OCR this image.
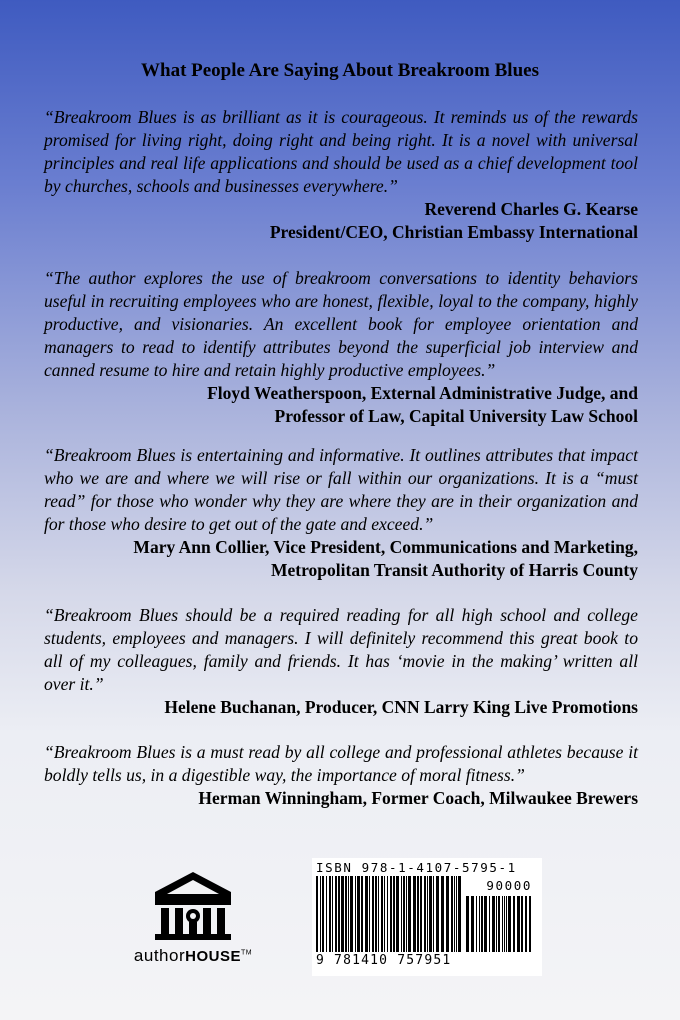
What People Are Saying About Breakroom Blues

“Breakroom Blues is as brilliant as it is courageous. It reminds us of the rewards promised for living right, doing right and being right. It is a novel with universal principles and real life applications and should be used as a chief development tool by churches, schools and businesses everywhere.”

Reverend Charles G. Kearse

President/CEO, Christian Embassy International

“The author explores the use of breakroom conversations to identity behaviors useful in recruiting employees who are honest, flexible, loyal to the company, highly productive, and visionaries. An excellent book for employee orientation and managers to read to identify attributes beyond the superficial job interview and canned resume to hire and retain highly productive employees.”

Floyd Weatherspoon, External Administrative Judge, and

Professor of Law, Capital University Law School

“Breakroom Blues is entertaining and informative. It outlines attributes that impact who we are and where we will rise or fall within our organizations. It is a “must read” for those who wonder why they are where they are in their organization and for those who desire to get out of the gate and exceed.”

Mary Ann Collier, Vice President, Communications and Marketing,

Metropolitan Transit Authority of Harris County

“Breakroom Blues should be a required reading for all high school and college students, employees and managers. I will definitely recommend this great book to all of my colleagues, family and friends. It has ‘movie in the making’ written all over it.”

Helene Buchanan, Producer, CNN Larry King Live Promotions

“Breakroom Blues is a must read by all college and professional athletes because it boldly tells us, in a digestible way, the importance of moral fitness.”

Herman Winningham, Former Coach, Milwaukee Brewers

authorHOUSE™
ISBN 978-1-4107-5795-1
90000
9 781410 757951
